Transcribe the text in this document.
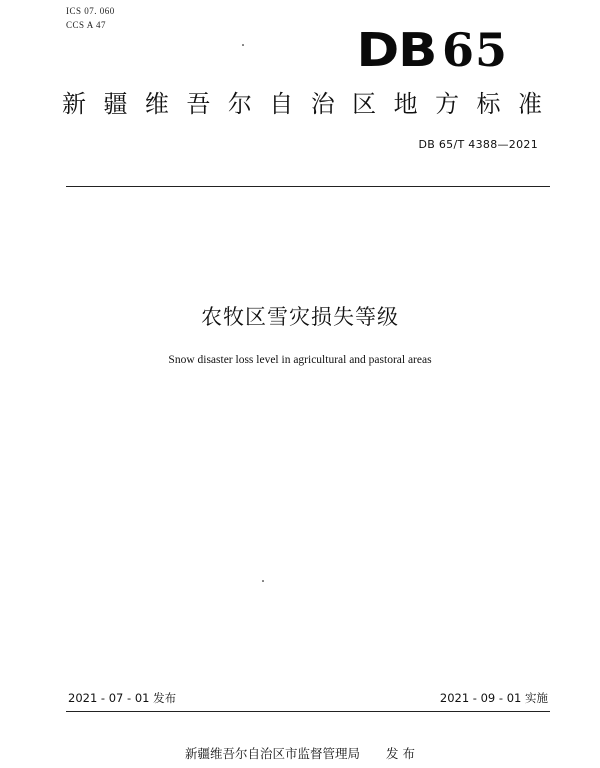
ICS 07. 060
CCS A 47	DB 65
新 疆 维 吾 尔 自 治 区 地 方 标 准
DB 65/T 4388—2021
农牧区雪灾损失等级
Snow disaster loss level in agricultural and pastoral areas
2021 - 07 - 01 发布	2021 - 09 - 01 实施
新疆维吾尔自治区市监督管理局 发 布
